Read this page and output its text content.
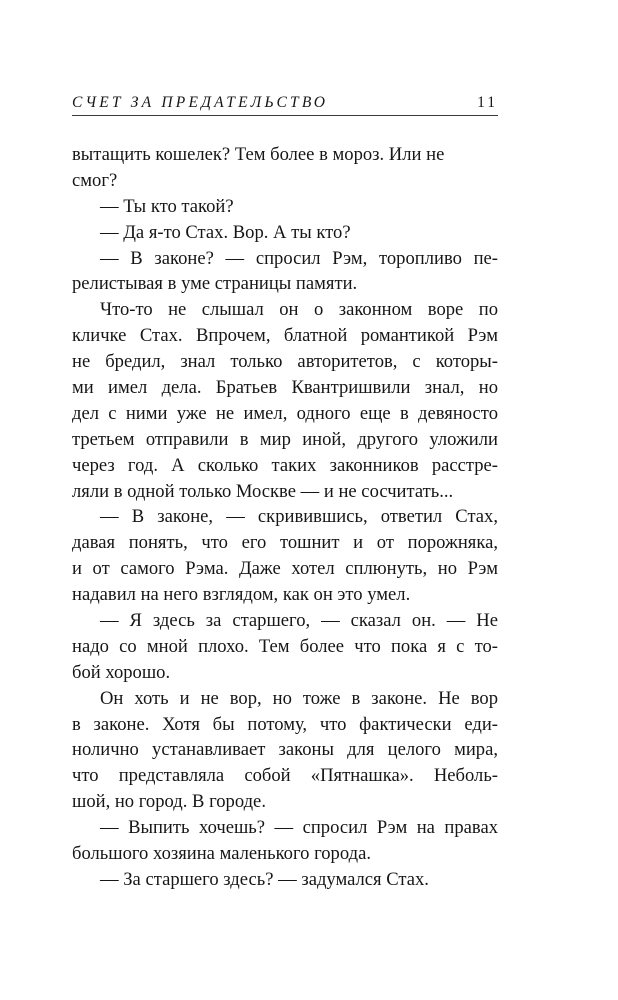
СЧЕТ ЗА ПРЕДАТЕЛЬСТВО	11
вытащить кошелек? Тем более в мороз. Или не
смог?
— Ты кто такой?
— Да я-то Стах. Вор. А ты кто?
— В законе? — спросил Рэм, торопливо пе-
релистывая в уме страницы памяти.
Что-то не слышал он о законном воре по
кличке Стах. Впрочем, блатной романтикой Рэм
не бредил, знал только авторитетов, с которы-
ми имел дела. Братьев Квантришвили знал, но
дел с ними уже не имел, одного еще в девяносто
третьем отправили в мир иной, другого уложили
через год. А сколько таких законников расстре-
ляли в одной только Москве — и не сосчитать...
— В законе, — скривившись, ответил Стах,
давая понять, что его тошнит и от порожняка,
и от самого Рэма. Даже хотел сплюнуть, но Рэм
надавил на него взглядом, как он это умел.
— Я здесь за старшего, — сказал он. — Не
надо со мной плохо. Тем более что пока я с то-
бой хорошо.
Он хоть и не вор, но тоже в законе. Не вор
в законе. Хотя бы потому, что фактически еди-
нолично устанавливает законы для целого мира,
что представляла собой «Пятнашка». Неболь-
шой, но город. В городе.
— Выпить хочешь? — спросил Рэм на правах
большого хозяина маленького города.
— За старшего здесь? — задумался Стах.
